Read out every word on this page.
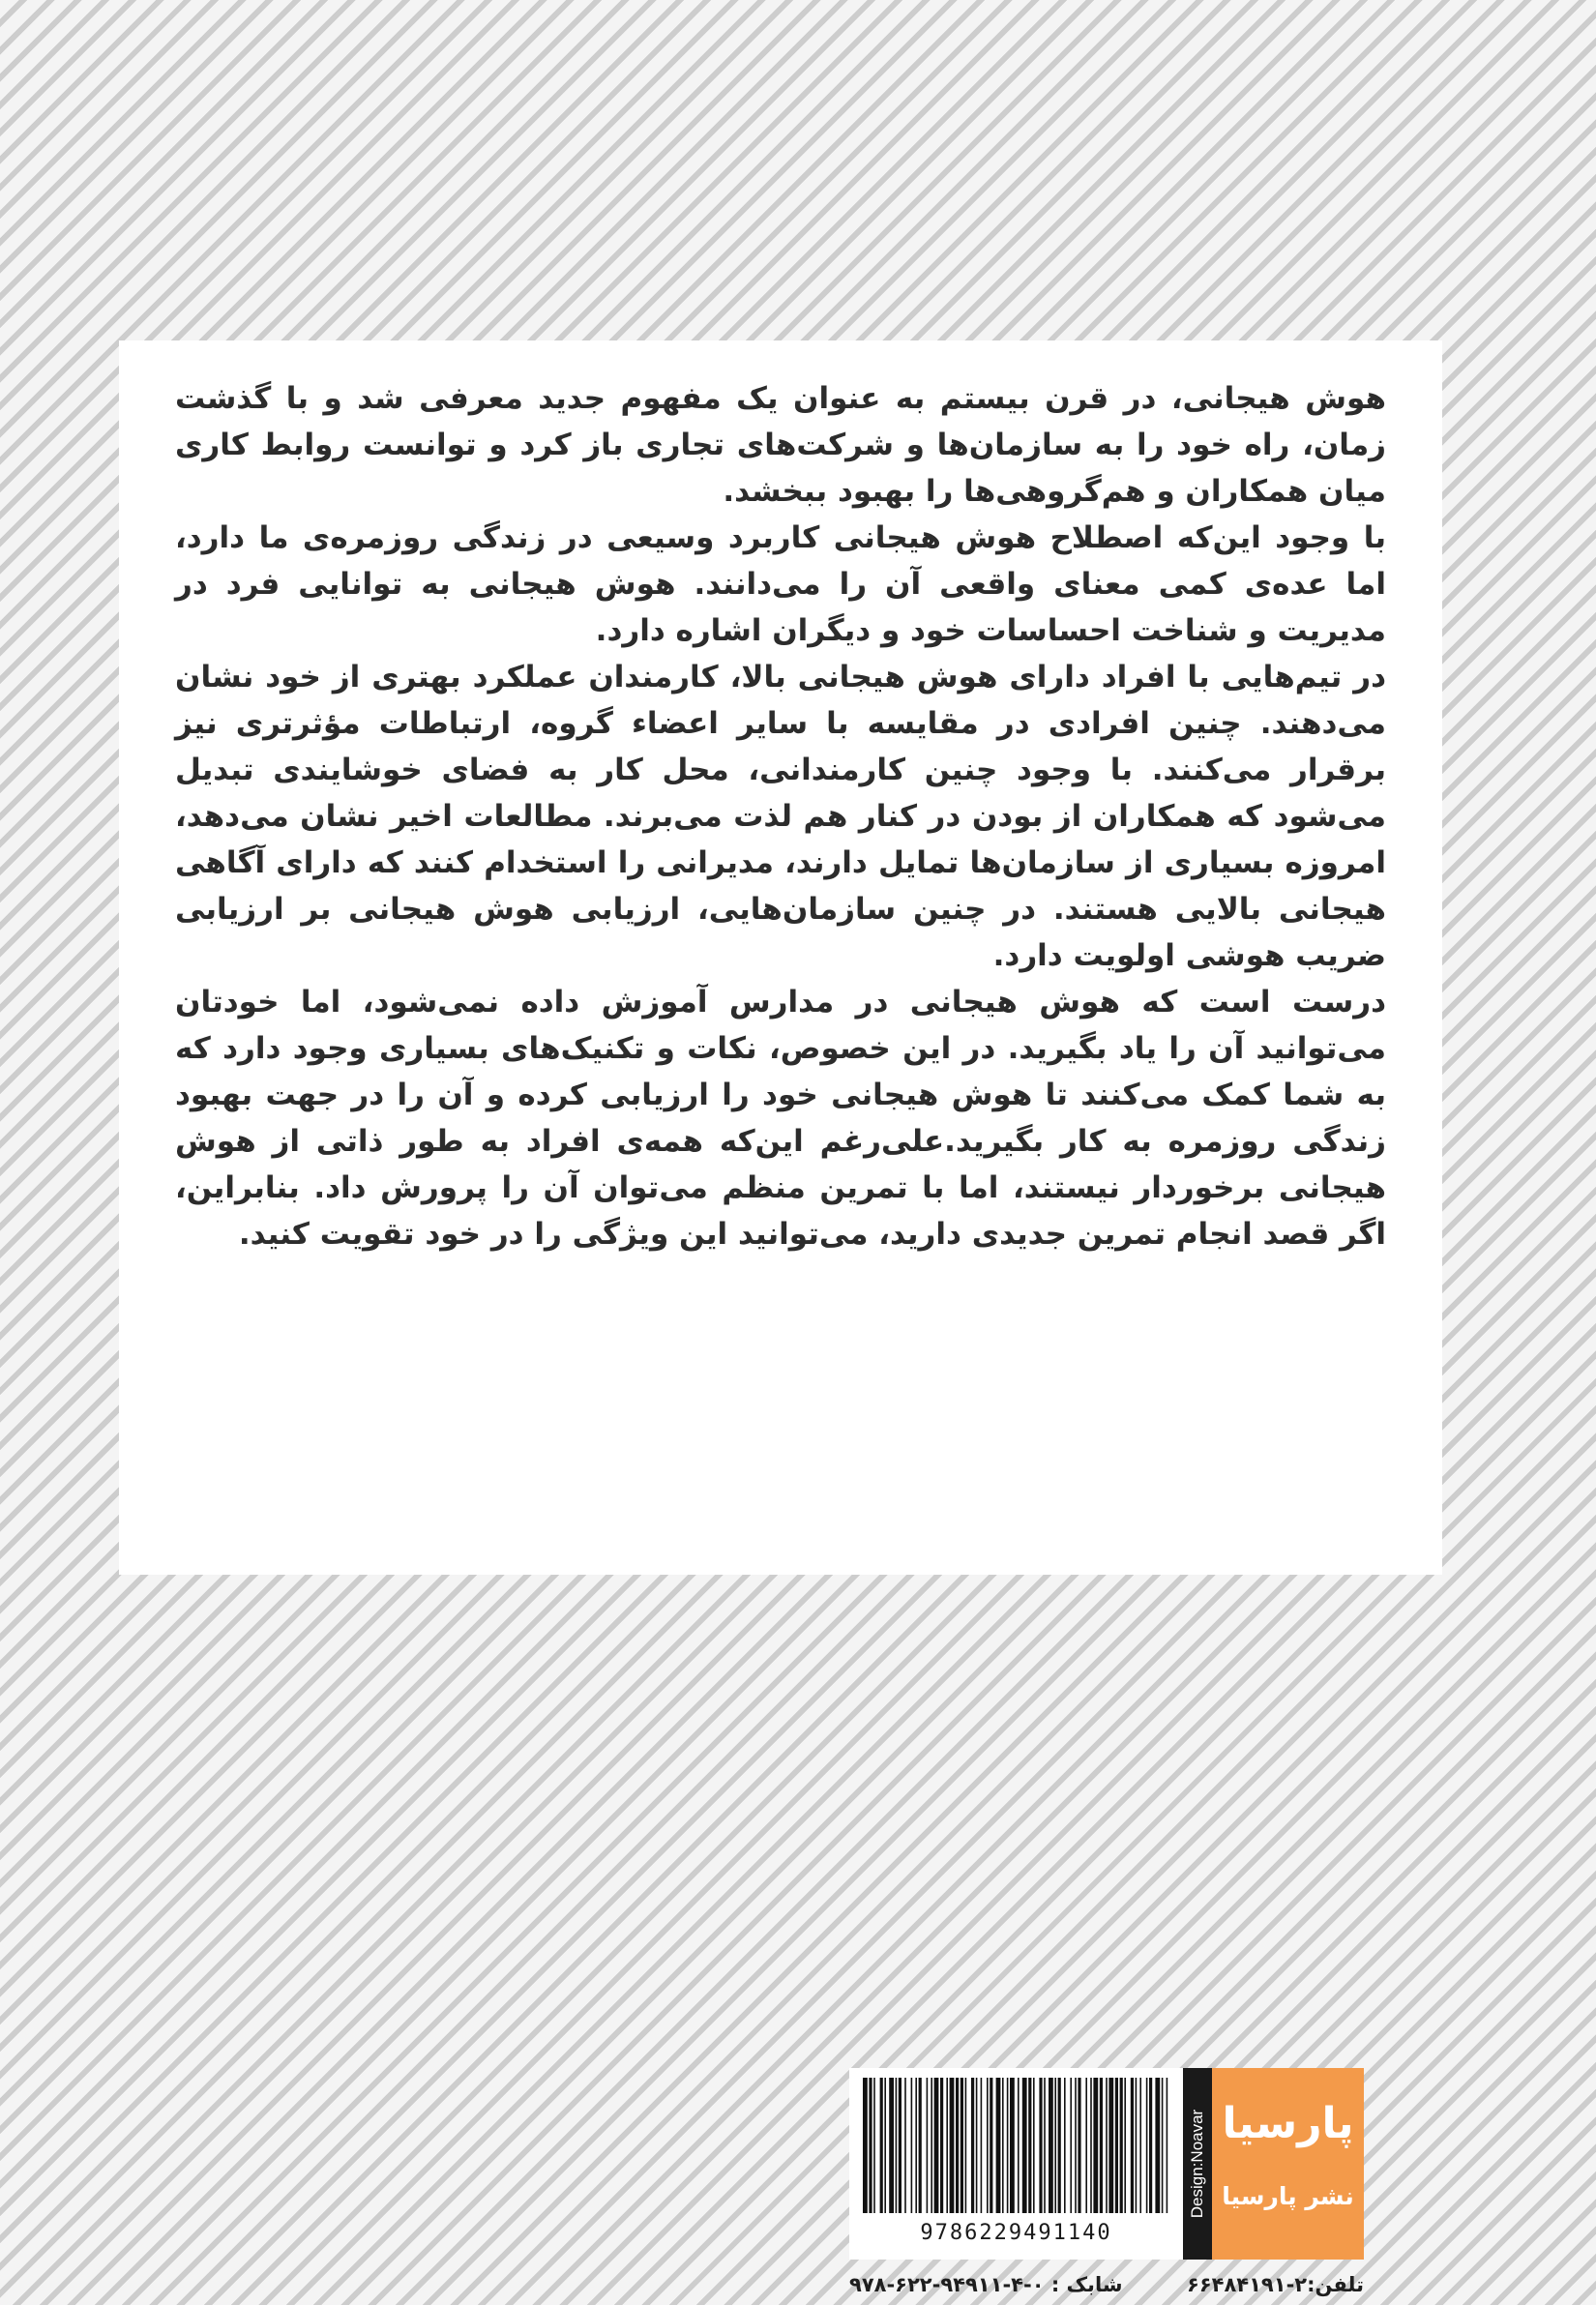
هوش هیجانی، در قرن بیستم به عنوان یک مفهوم جدید معرفی شد و با گذشت زمان، راه خود را به سازمان‌ها و شرکت‌های تجاری باز کرد و توانست روابط کاری میان همکاران و هم‌گروهی‌ها را بهبود ببخشد.

با وجود این‌که اصطلاح هوش هیجانی کاربرد وسیعی در زندگی روزمره‌ی ما دارد، اما عده‌ی کمی معنای واقعی آن را می‌دانند. هوش هیجانی به توانایی فرد در مدیریت و شناخت احساسات خود و دیگران اشاره دارد.

در تیم‌هایی با افراد دارای هوش هیجانی بالا، کارمندان عملکرد بهتری از خود نشان می‌دهند. چنین افرادی در مقایسه با سایر اعضاء گروه، ارتباطات مؤثرتری نیز برقرار می‌کنند. با وجود چنین کارمندانی، محل کار به فضای خوشایندی تبدیل می‌شود که همکاران از بودن در کنار هم لذت می‌برند. مطالعات اخیر نشان می‌دهد، امروزه بسیاری از سازمان‌ها تمایل دارند، مدیرانی را استخدام کنند که دارای آگاهی هیجانی بالایی هستند. در چنین سازمان‌هایی، ارزیابی هوش هیجانی بر ارزیابی ضریب هوشی اولویت دارد.

درست است که هوش هیجانی در مدارس آموزش داده نمی‌شود، اما خودتان می‌توانید آن را یاد بگیرید. در این خصوص، نکات و تکنیک‌های بسیاری وجود دارد که به شما کمک می‌کنند تا هوش هیجانی خود را ارزیابی کرده و آن را در جهت بهبود زندگی روزمره به کار بگیرید.علی‌رغم این‌که همه‌ی افراد به طور ذاتی از هوش هیجانی برخوردار نیستند، اما با تمرین منظم می‌توان آن را پرورش داد. بنابراین، اگر قصد انجام تمرین جدیدی دارید، می‌توانید این ویژگی را در خود تقویت کنید.

9786229491140
Design:Noavar پارسیا
نشر پارسیا
تلفن:۲-۶۶۴۸۴۱۹۱
شابک : ۰-۴-۹۴۹۱۱-۶۲۲-۹۷۸
